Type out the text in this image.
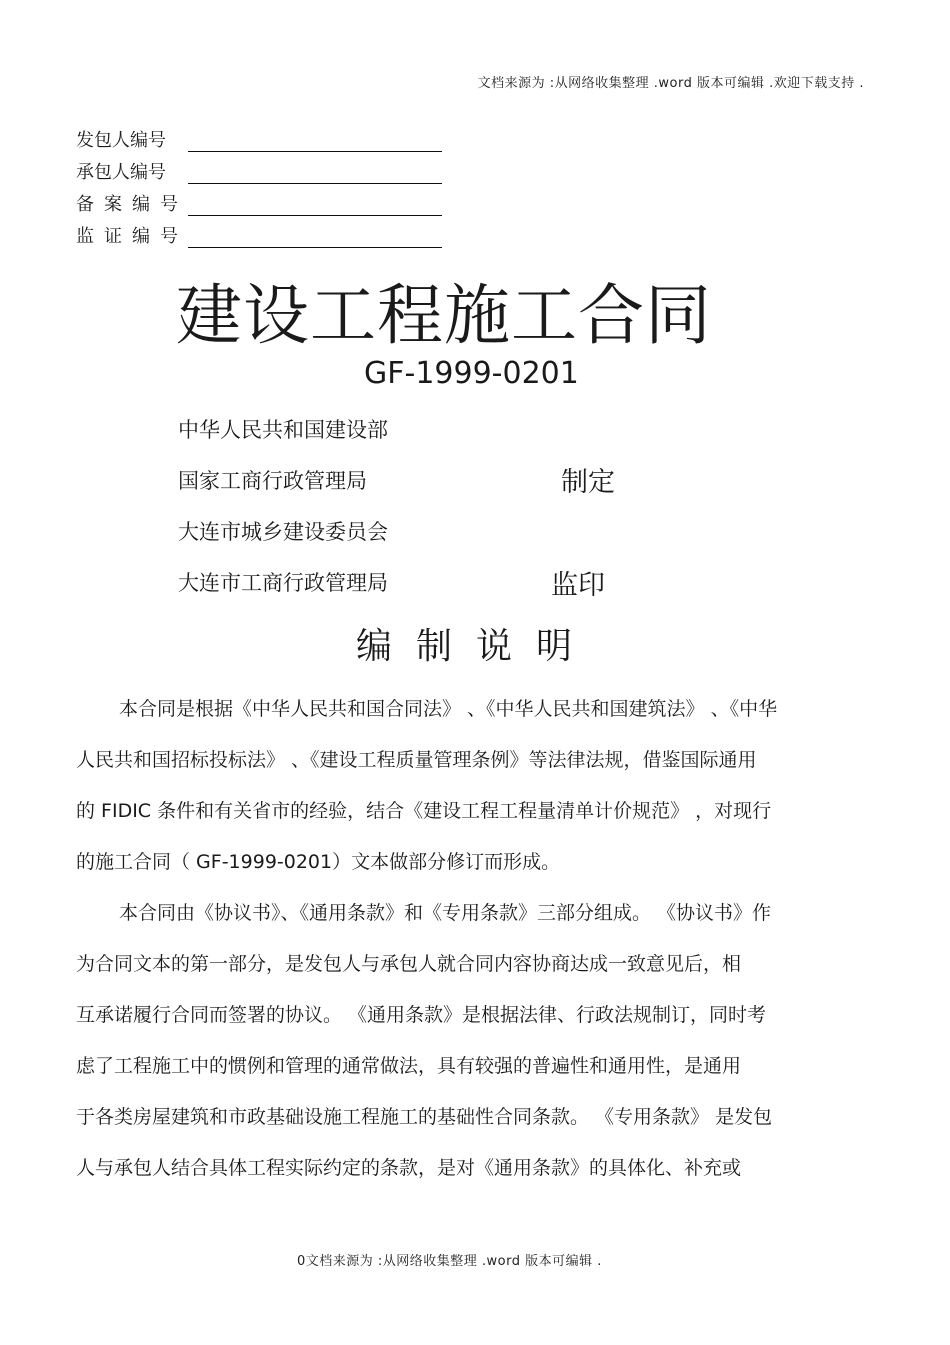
文档来源为 :从网络收集整理 .word 版本可编辑 .欢迎下载支持 .
发包人编号
承包人编号
备案编号
监证编号
建设工程施工合同
GF-1999-0201
中华人民共和国建设部
国家工商行政管理局	制定
大连市城乡建设委员会
大连市工商行政管理局	监印
编制说明
本合同是根据《中华人民共和国合同法》 、《中华人民共和国建筑法》 、《中华
人民共和国招标投标法》 、《建设工程质量管理条例》等法律法规，借鉴国际通用
的 FIDIC 条件和有关省市的经验，结合《建设工程工程量清单计价规范》 ，对现行
的施工合同（ GF-1999-0201）文本做部分修订而形成。
本合同由《协议书》、《通用条款》和《专用条款》三部分组成。 《协议书》作
为合同文本的第一部分，是发包人与承包人就合同内容协商达成一致意见后，相
互承诺履行合同而签署的协议。 《通用条款》是根据法律、行政法规制订，同时考
虑了工程施工中的惯例和管理的通常做法，具有较强的普遍性和通用性，是通用
于各类房屋建筑和市政基础设施工程施工的基础性合同条款。 《专用条款》 是发包
人与承包人结合具体工程实际约定的条款，是对《通用条款》的具体化、补充或
0文档来源为 :从网络收集整理 .word 版本可编辑 .
